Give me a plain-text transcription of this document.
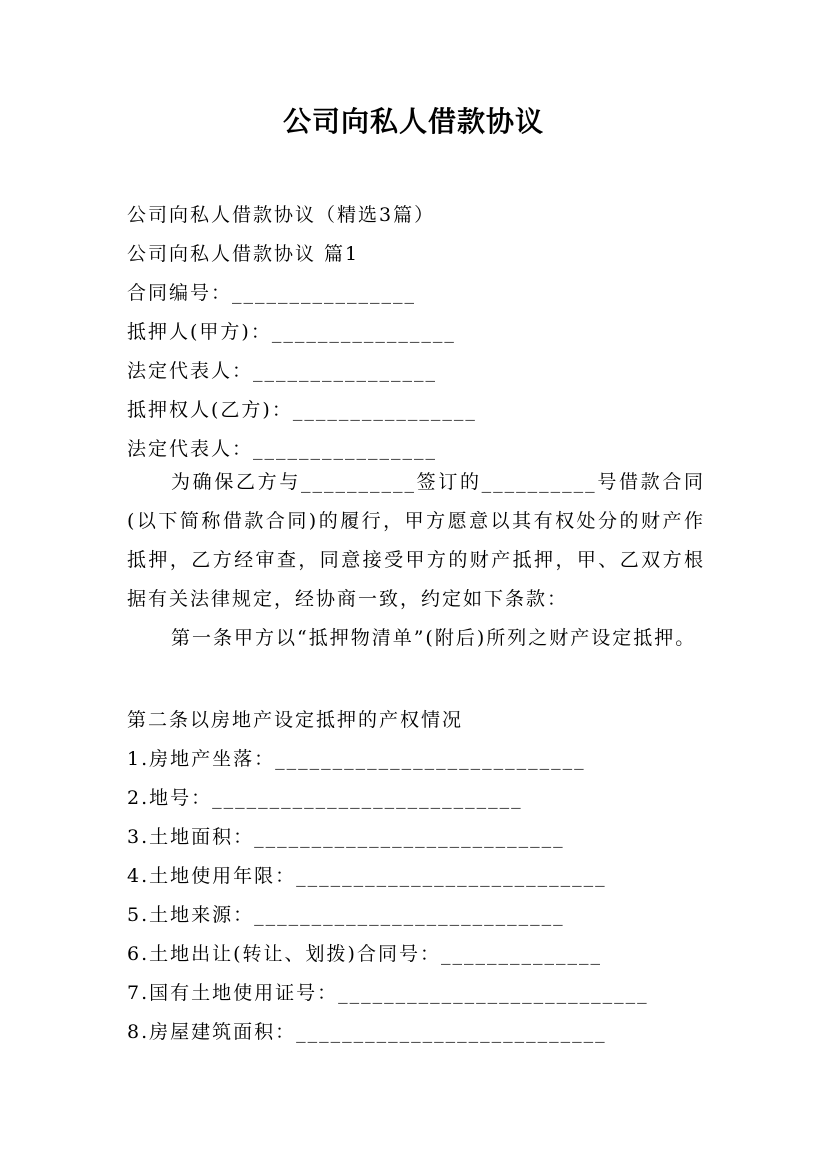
公司向私人借款协议
公司向私人借款协议（精选3篇）
公司向私人借款协议 篇1
合同编号：________________
抵押人(甲方)：________________
法定代表人：________________
抵押权人(乙方)：________________
法定代表人：________________
为确保乙方与__________签订的__________号借款合同(以下简称借款合同)的履行，甲方愿意以其有权处分的财产作抵押，乙方经审查，同意接受甲方的财产抵押，甲、乙双方根据有关法律规定，经协商一致，约定如下条款：
第一条甲方以“抵押物清单”(附后)所列之财产设定抵押。
第二条以房地产设定抵押的产权情况
1.房地产坐落：___________________________
2.地号：___________________________
3.土地面积：___________________________
4.土地使用年限：___________________________
5.土地来源：___________________________
6.土地出让(转让、划拨)合同号：______________
7.国有土地使用证号：___________________________
8.房屋建筑面积：___________________________
